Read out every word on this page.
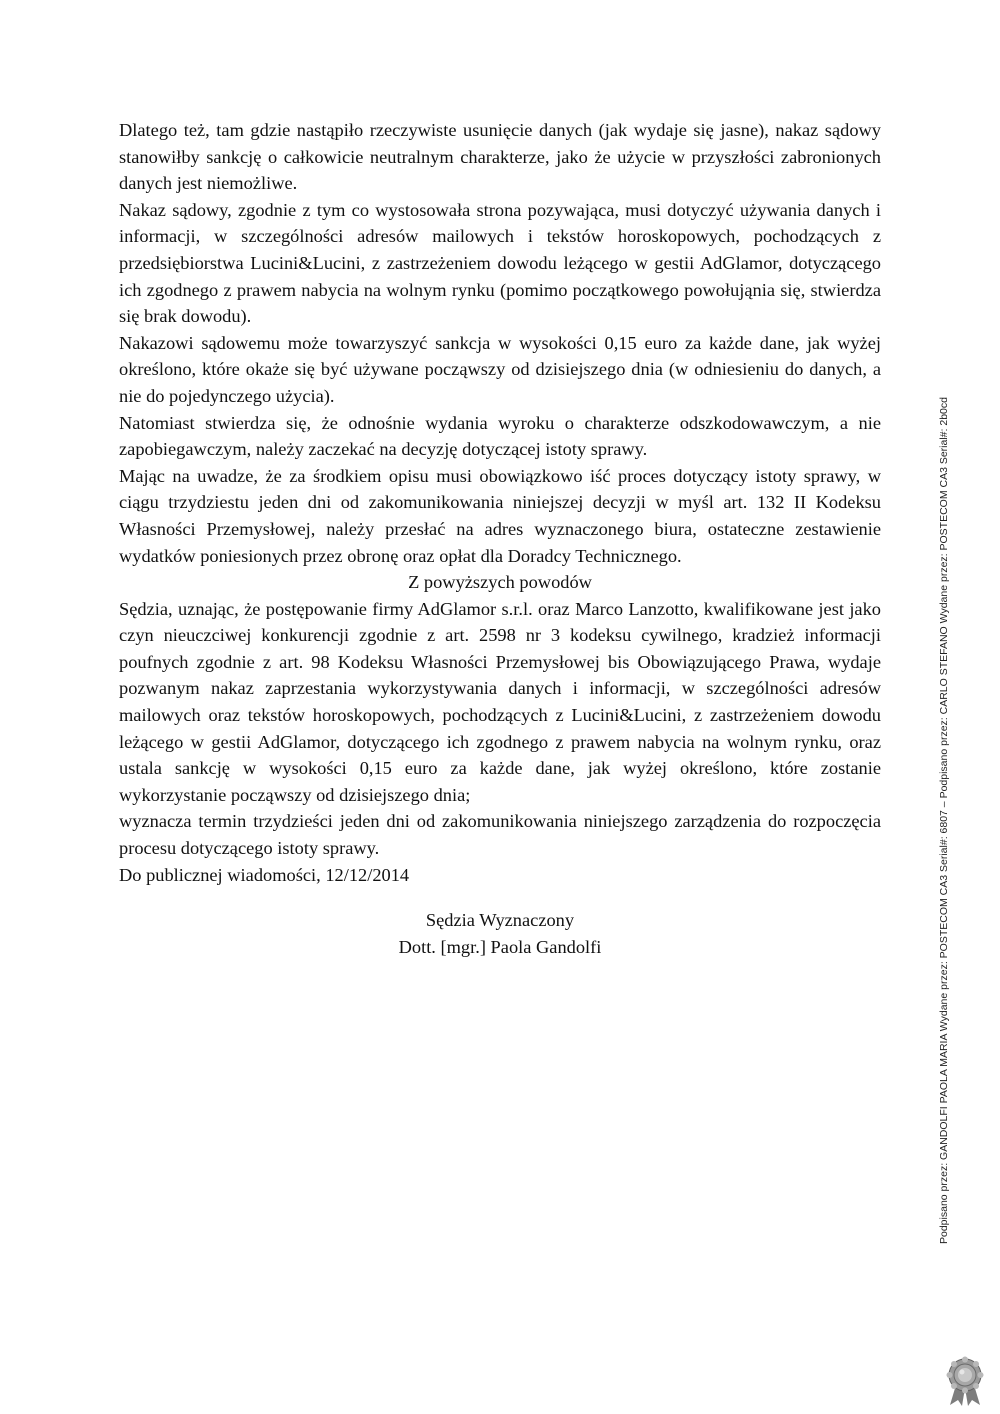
Dlatego też, tam gdzie nastąpiło rzeczywiste usunięcie danych (jak wydaje się jasne), nakaz sądowy stanowiłby sankcję o całkowicie neutralnym charakterze, jako że użycie w przyszłości zabronionych danych jest niemożliwe.

Nakaz sądowy, zgodnie z tym co wystosowała strona pozywająca, musi dotyczyć używania danych i informacji, w szczególności adresów mailowych i tekstów horoskopowych, pochodzących z przedsiębiorstwa Lucini&Lucini, z zastrzeżeniem dowodu leżącego w gestii AdGlamor, dotyczącego ich zgodnego z prawem nabycia na wolnym rynku (pomimo początkowego powołująnia się, stwierdza się brak dowodu).

Nakazowi sądowemu może towarzyszyć sankcja w wysokości 0,15 euro za każde dane, jak wyżej określono, które okaże się być używane począwszy od dzisiejszego dnia (w odniesieniu do danych, a nie do pojedynczego użycia).

Natomiast stwierdza się, że odnośnie wydania wyroku o charakterze odszkodowawczym, a nie zapobiegawczym, należy zaczekać na decyzję dotyczącej istoty sprawy.

Mając na uwadze, że za środkiem opisu musi obowiązkowo iść proces dotyczący istoty sprawy, w ciągu trzydziestu jeden dni od zakomunikowania niniejszej decyzji w myśl art. 132 II Kodeksu Własności Przemysłowej, należy przesłać na adres wyznaczonego biura, ostateczne zestawienie wydatków poniesionych przez obronę oraz opłat dla Doradcy Technicznego.

Z powyższych powodów

Sędzia, uznając, że postępowanie firmy AdGlamor s.r.l. oraz Marco Lanzotto, kwalifikowane jest jako czyn nieuczciwej konkurencji zgodnie z art. 2598 nr 3 kodeksu cywilnego, kradzież informacji poufnych zgodnie z art. 98 Kodeksu Własności Przemysłowej bis Obowiązującego Prawa, wydaje pozwanym nakaz zaprzestania wykorzystywania danych i informacji, w szczególności adresów mailowych oraz tekstów horoskopowych, pochodzących z Lucini&Lucini, z zastrzeżeniem dowodu leżącego w gestii AdGlamor, dotyczącego ich zgodnego z prawem nabycia na wolnym rynku, oraz ustala sankcję w wysokości 0,15 euro za każde dane, jak wyżej określono, które zostanie wykorzystanie począwszy od dzisiejszego dnia;

wyznacza termin trzydzieści jeden dni od zakomunikowania niniejszego zarządzenia do rozpoczęcia procesu dotyczącego istoty sprawy.

Do publicznej wiadomości, 12/12/2014

Sędzia Wyznaczony
Dott. [mgr.] Paola Gandolfi	Podpisano przez: GANDOLFI PAOLA MARIA Wydane przez: POSTECOM CA3 Serial#: 6807 – Podpisano przez: CARLO STEFANO Wydane przez: POSTECOM CA3 Serial#: 2b0cd
